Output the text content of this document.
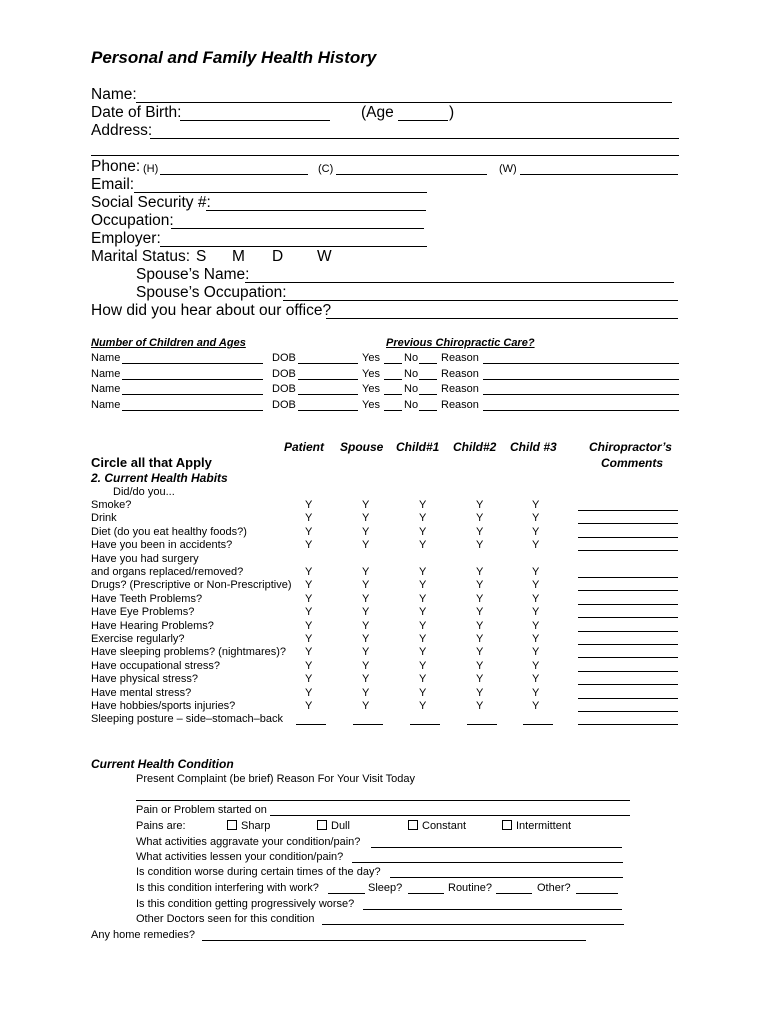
Personal and Family Health History
Name:
Date of Birth:	(Age	)
Address:
Phone: (H)	(C)	(W)
Email:
Social Security #:
Occupation:
Employer:
Marital Status: S M D W
Spouse’s Name:
Spouse’s Occupation:
How did you hear about our office?
Number of Children and Ages	Previous Chiropractic Care?
Name	DOB	Yes No Reason
Name	DOB	Yes No Reason
Name	DOB	Yes No Reason
Name	DOB	Yes No Reason
Patient Spouse Child#1 Child#2 Child #3	Chiropractor’s
Comments
Circle all that Apply
2. Current Health Habits
Did/do you...
Smoke?	Y	Y	Y	Y	Y
Drink	Y	Y	Y	Y	Y
Diet (do you eat healthy foods?)	Y	Y	Y	Y	Y
Have you been in accidents?	Y	Y	Y	Y	Y
Have you had surgery
and organs replaced/removed?	Y	Y	Y	Y	Y
Drugs? (Prescriptive or Non-Prescriptive) Y	Y	Y	Y	Y
Have Teeth Problems?	Y	Y	Y	Y	Y
Have Eye Problems?	Y	Y	Y	Y	Y
Have Hearing Problems?	Y	Y	Y	Y	Y
Exercise regularly?	Y	Y	Y	Y	Y
Have sleeping problems? (nightmares)? Y	Y	Y	Y	Y
Have occupational stress?	Y	Y	Y	Y	Y
Have physical stress?	Y	Y	Y	Y	Y
Have mental stress?	Y	Y	Y	Y	Y
Have hobbies/sports injuries?	Y	Y	Y	Y	Y
Sleeping posture – side–stomach–back
Current Health Condition
Present Complaint (be brief) Reason For Your Visit Today
Pain or Problem started on
Pains are:	Sharp	Dull	Constant	Intermittent
What activities aggravate your condition/pain?
What activities lessen your condition/pain?
Is condition worse during certain times of the day?
Is this condition interfering with work?	Sleep?	Routine?	Other?
Is this condition getting progressively worse?
Other Doctors seen for this condition
Any home remedies?
